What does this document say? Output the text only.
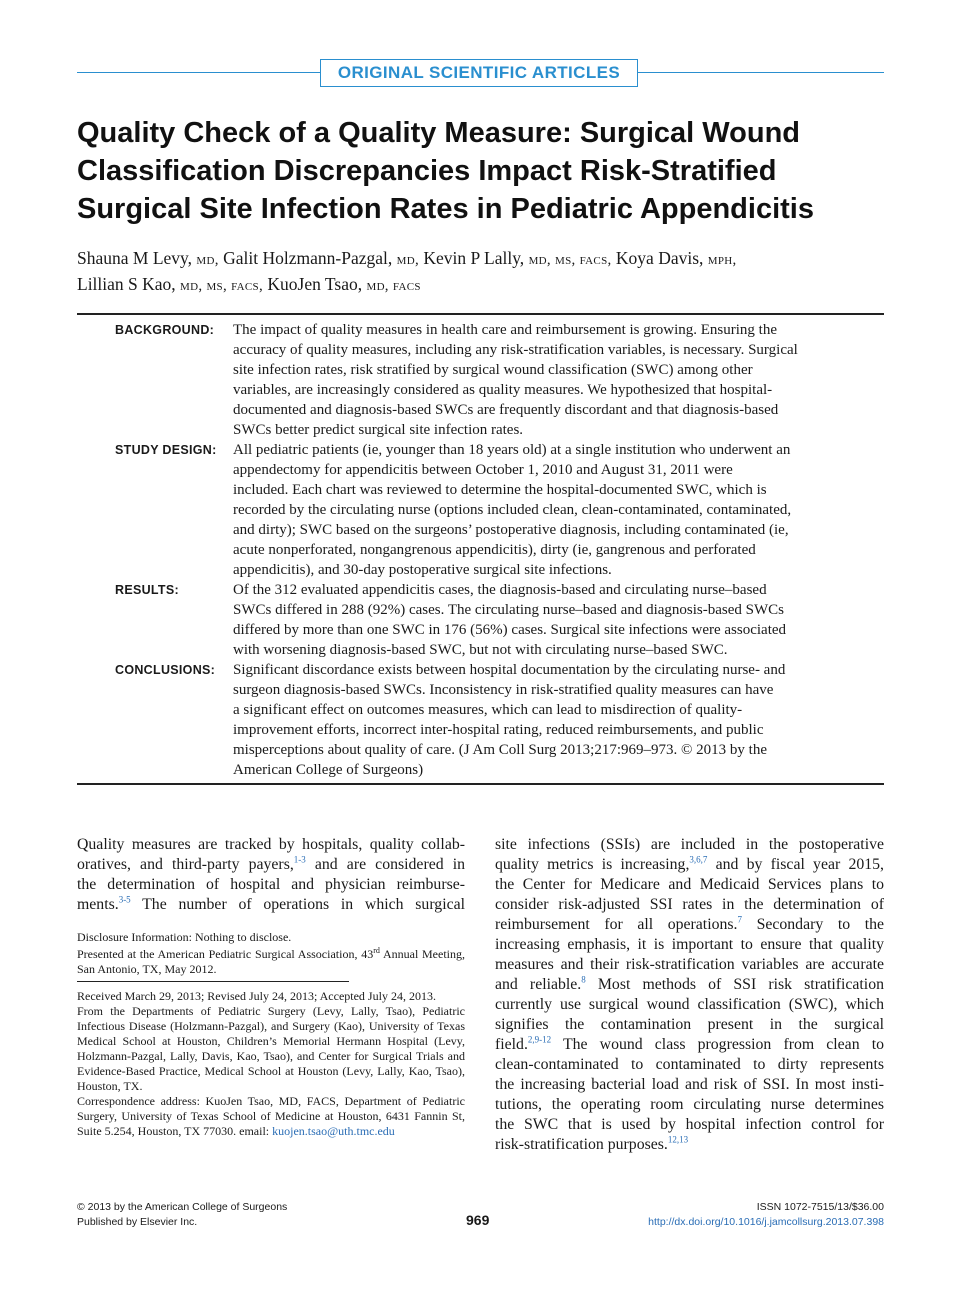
ORIGINAL SCIENTIFIC ARTICLES
Quality Check of a Quality Measure: Surgical Wound
Classification Discrepancies Impact Risk-Stratified
Surgical Site Infection Rates in Pediatric Appendicitis
Shauna M Levy, md, Galit Holzmann-Pazgal, md, Kevin P Lally, md, ms, facs, Koya Davis, mph,
Lillian S Kao, md, ms, facs, KuoJen Tsao, md, facs
BACKGROUND:	The impact of quality measures in health care and reimbursement is growing. Ensuring the
accuracy of quality measures, including any risk-stratification variables, is necessary. Surgical
site infection rates, risk stratified by surgical wound classification (SWC) among other
variables, are increasingly considered as quality measures. We hypothesized that hospital-
documented and diagnosis-based SWCs are frequently discordant and that diagnosis-based
SWCs better predict surgical site infection rates.
STUDY DESIGN:	All pediatric patients (ie, younger than 18 years old) at a single institution who underwent an
appendectomy for appendicitis between October 1, 2010 and August 31, 2011 were
included. Each chart was reviewed to determine the hospital-documented SWC, which is
recorded by the circulating nurse (options included clean, clean-contaminated, contaminated,
and dirty); SWC based on the surgeons’ postoperative diagnosis, including contaminated (ie,
acute nonperforated, nongangrenous appendicitis), dirty (ie, gangrenous and perforated
appendicitis), and 30-day postoperative surgical site infections.
RESULTS:	Of the 312 evaluated appendicitis cases, the diagnosis-based and circulating nurse–based
SWCs differed in 288 (92%) cases. The circulating nurse–based and diagnosis-based SWCs
differed by more than one SWC in 176 (56%) cases. Surgical site infections were associated
with worsening diagnosis-based SWC, but not with circulating nurse–based SWC.
CONCLUSIONS:	Significant discordance exists between hospital documentation by the circulating nurse- and
surgeon diagnosis-based SWCs. Inconsistency in risk-stratified quality measures can have
a significant effect on outcomes measures, which can lead to misdirection of quality-
improvement efforts, incorrect inter-hospital rating, reduced reimbursements, and public
misperceptions about quality of care. (J Am Coll Surg 2013;217:969–973. © 2013 by the
American College of Surgeons)
Quality measures are tracked by hospitals, quality collab-
oratives, and third-party payers,$^{1-3}$ and are considered in
the determination of hospital and physician reimburse-
ments.$^{3-5}$ The number of operations in which surgical
Disclosure Information: Nothing to disclose.
Presented at the American Pediatric Surgical Association, 43rd Annual Meeting, San Antonio, TX, May 2012.
Received March 29, 2013; Revised July 24, 2013; Accepted July 24, 2013.
From the Departments of Pediatric Surgery (Levy, Lally, Tsao), Pediatric Infectious Disease (Holzmann-Pazgal), and Surgery (Kao), University of Texas Medical School at Houston, Children’s Memorial Hermann Hospital (Levy, Holzmann-Pazgal, Lally, Davis, Kao, Tsao), and Center for Surgical Trials and Evidence-Based Practice, Medical School at Houston (Levy, Lally, Kao, Tsao), Houston, TX.
Correspondence address: KuoJen Tsao, MD, FACS, Department of Pediatric Surgery, University of Texas School of Medicine at Houston, 6431 Fannin St, Suite 5.254, Houston, TX 77030. email: kuojen.tsao@uth.tmc.edu
site infections (SSIs) are included in the postoperative
quality metrics is increasing,$^{3,6,7}$ and by fiscal year 2015,
the Center for Medicare and Medicaid Services plans to
consider risk-adjusted SSI rates in the determination of
reimbursement for all operations.$^7$ Secondary to the
increasing emphasis, it is important to ensure that quality
measures and their risk-stratification variables are accurate
and reliable.$^8$ Most methods of SSI risk stratification
currently use surgical wound classification (SWC), which
signifies the contamination present in the surgical
field.$^{2,9-12}$ The wound class progression from clean to
clean-contaminated to contaminated to dirty represents
the increasing bacterial load and risk of SSI. In most insti-
tutions, the operating room circulating nurse determines
the SWC that is used by hospital infection control for
risk-stratification purposes.$^{12,13}$
© 2013 by the American College of Surgeons
Published by Elsevier Inc.	969
ISSN 1072-7515/13/$36.00
http://dx.doi.org/10.1016/j.jamcollsurg.2013.07.398
